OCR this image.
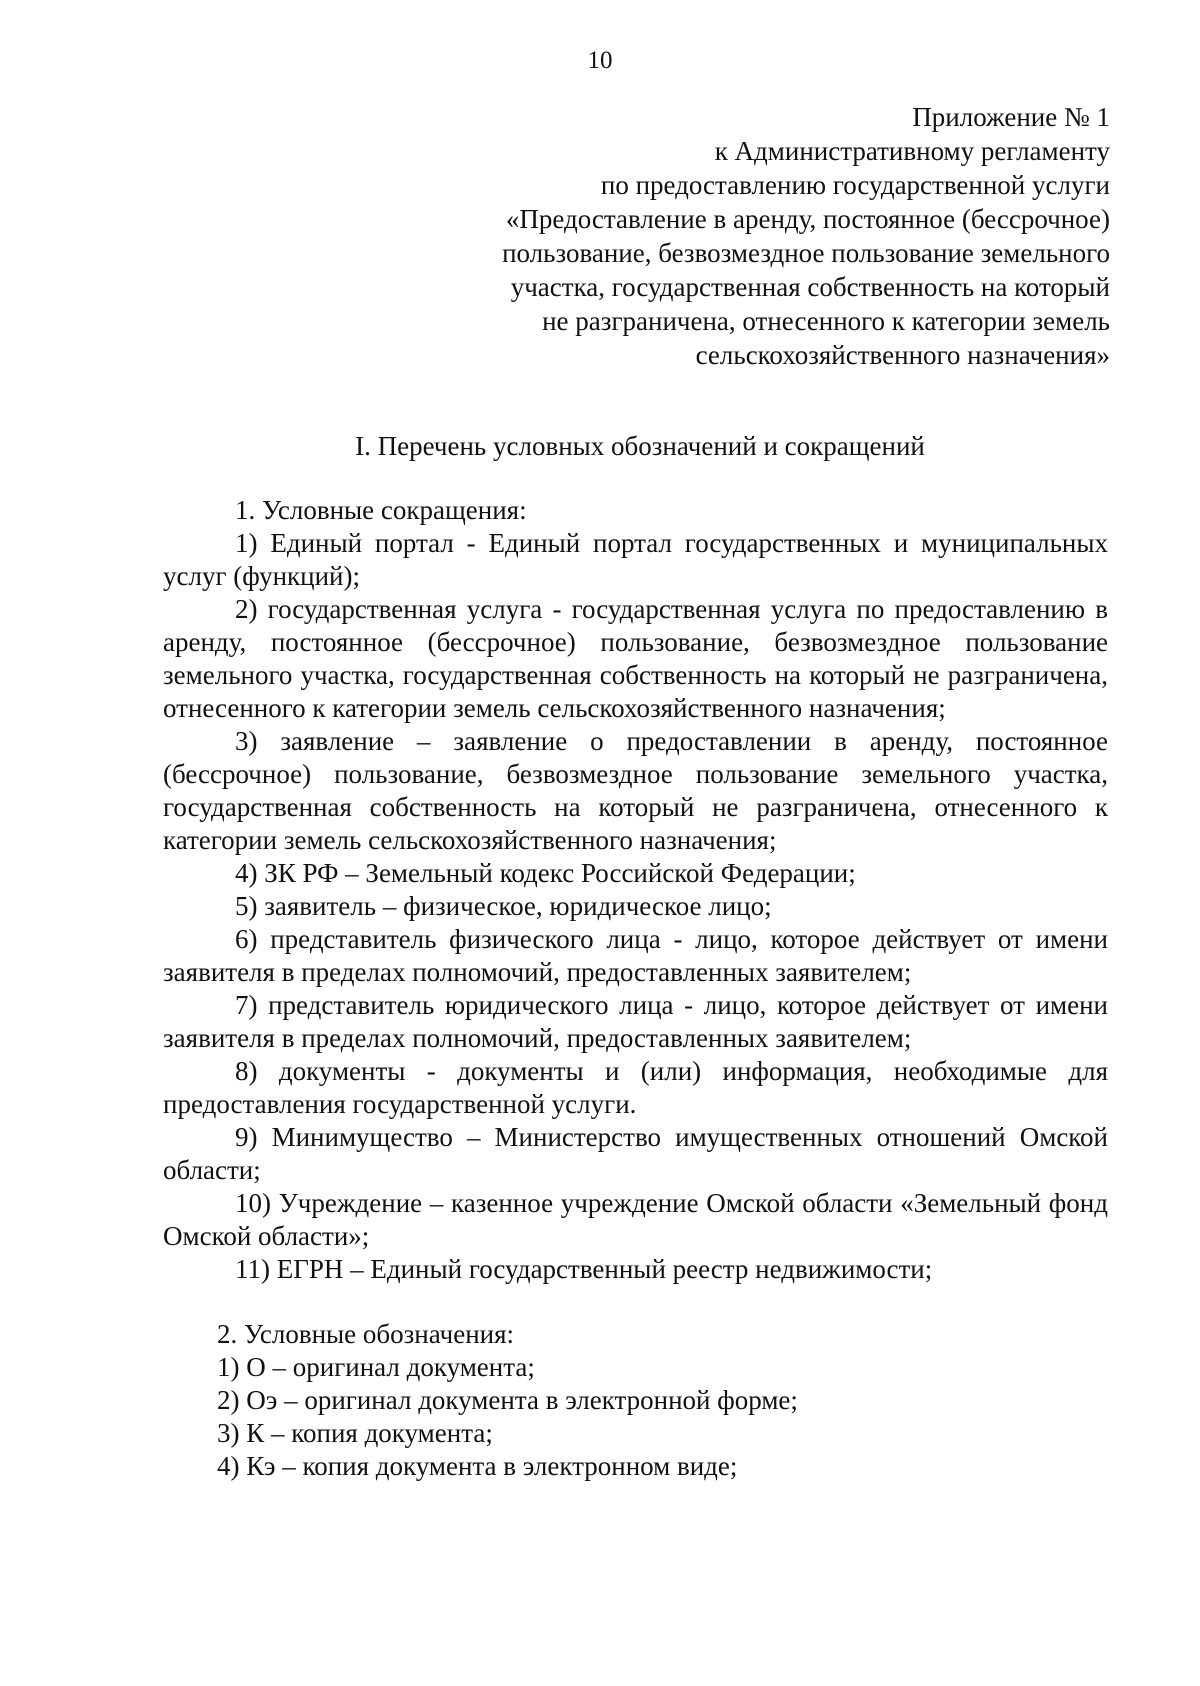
10
Приложение № 1
к Административному регламенту
по предоставлению государственной услуги
«Предоставление в аренду, постоянное (бессрочное)
пользование, безвозмездное пользование земельного
участка, государственная собственность на который
не разграничена, отнесенного к категории земель
сельскохозяйственного назначения»
I. Перечень условных обозначений и сокращений

1. Условные сокращения:

1) Единый портал - Единый портал государственных и муниципальных услуг (функций);

2) государственная услуга - государственная услуга по предоставлению в аренду, постоянное (бессрочное) пользование, безвозмездное пользование земельного участка, государственная собственность на который не разграничена, отнесенного к категории земель сельскохозяйственного назначения;

3) заявление – заявление о предоставлении в аренду, постоянное (бессрочное) пользование, безвозмездное пользование земельного участка, государственная собственность на который не разграничена, отнесенного к категории земель сельскохозяйственного назначения;

4) ЗК РФ – Земельный кодекс Российской Федерации;

5) заявитель – физическое, юридическое лицо;

6) представитель физического лица - лицо, которое действует от имени заявителя в пределах полномочий, предоставленных заявителем;

7) представитель юридического лица - лицо, которое действует от имени заявителя в пределах полномочий, предоставленных заявителем;

8) документы - документы и (или) информация, необходимые для предоставления государственной услуги.

9) Минимущество – Министерство имущественных отношений Омской области;

10) Учреждение – казенное учреждение Омской области «Земельный фонд Омской области»;

11) ЕГРН – Единый государственный реестр недвижимости;

2. Условные обозначения:

1) О – оригинал документа;

2) Оэ – оригинал документа в электронной форме;

3) К – копия документа;

4) Кэ – копия документа в электронном виде;
